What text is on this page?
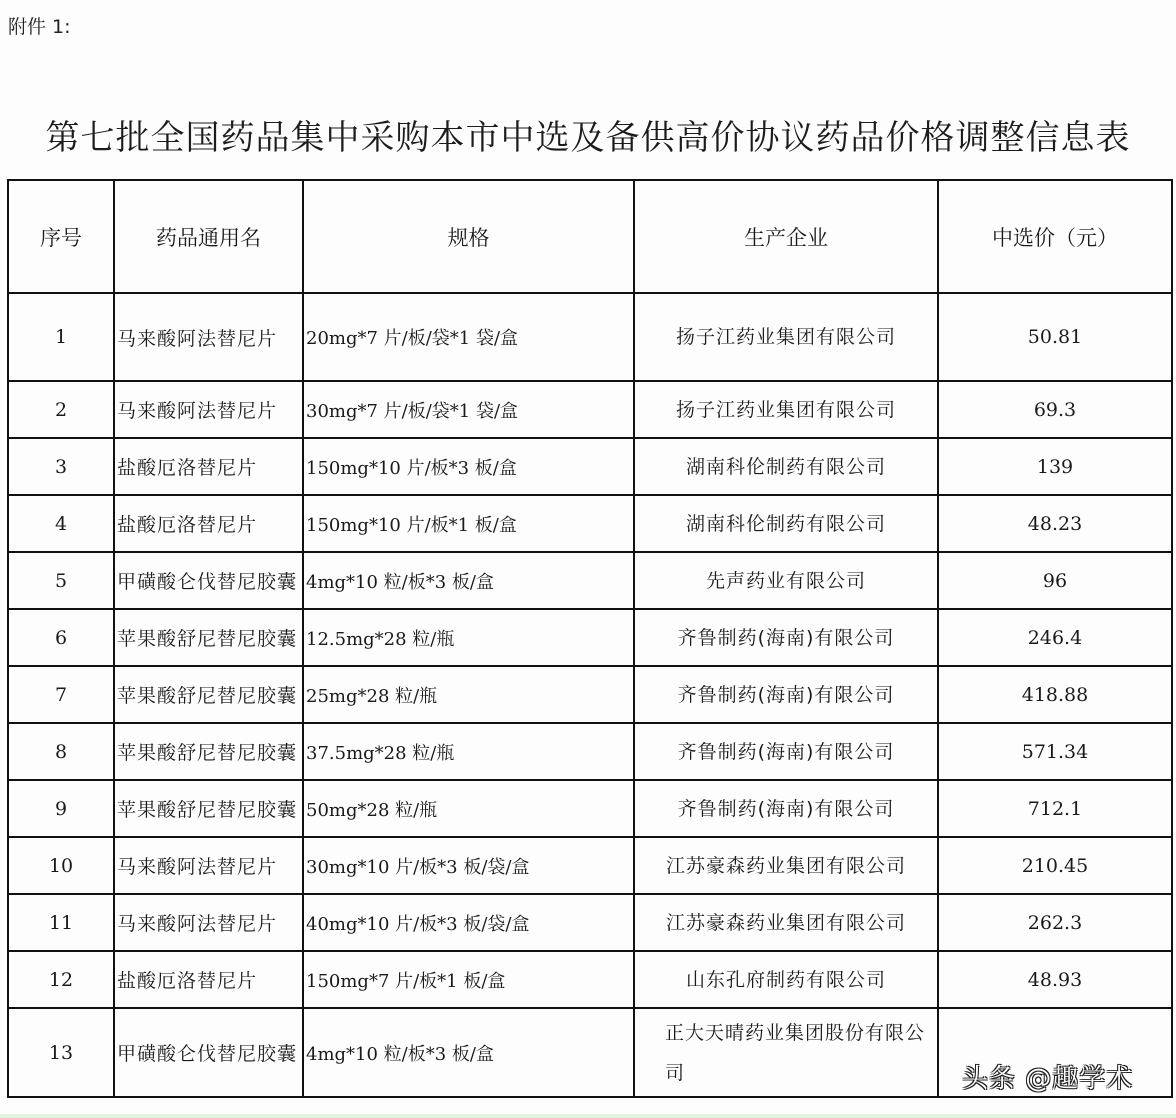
附件 1:
第七批全国药品集中采购本市中选及备供高价协议药品价格调整信息表
序号	药品通用名	规格	生产企业	中选价（元）
1	马来酸阿法替尼片	20mg*7 片/板/袋*1 袋/盒	扬子江药业集团有限公司	50.81
2	马来酸阿法替尼片	30mg*7 片/板/袋*1 袋/盒	扬子江药业集团有限公司	69.3
3	盐酸厄洛替尼片	150mg*10 片/板*3 板/盒	湖南科伦制药有限公司	139
4	盐酸厄洛替尼片	150mg*10 片/板*1 板/盒	湖南科伦制药有限公司	48.23
5	甲磺酸仑伐替尼胶囊	4mg*10 粒/板*3 板/盒	先声药业有限公司	96
6	苹果酸舒尼替尼胶囊	12.5mg*28 粒/瓶	齐鲁制药(海南)有限公司	246.4
7	苹果酸舒尼替尼胶囊	25mg*28 粒/瓶	齐鲁制药(海南)有限公司	418.88
8	苹果酸舒尼替尼胶囊	37.5mg*28 粒/瓶	齐鲁制药(海南)有限公司	571.34
9	苹果酸舒尼替尼胶囊	50mg*28 粒/瓶	齐鲁制药(海南)有限公司	712.1
10	马来酸阿法替尼片	30mg*10 片/板*3 板/袋/盒	江苏豪森药业集团有限公司	210.45
11	马来酸阿法替尼片	40mg*10 片/板*3 板/袋/盒	江苏豪森药业集团有限公司	262.3
12	盐酸厄洛替尼片	150mg*7 片/板*1 板/盒	山东孔府制药有限公司	48.93
13	甲磺酸仑伐替尼胶囊	4mg*10 粒/板*3 板/盒	正大天晴药业集团股份有限公司		头条 @趣学术
